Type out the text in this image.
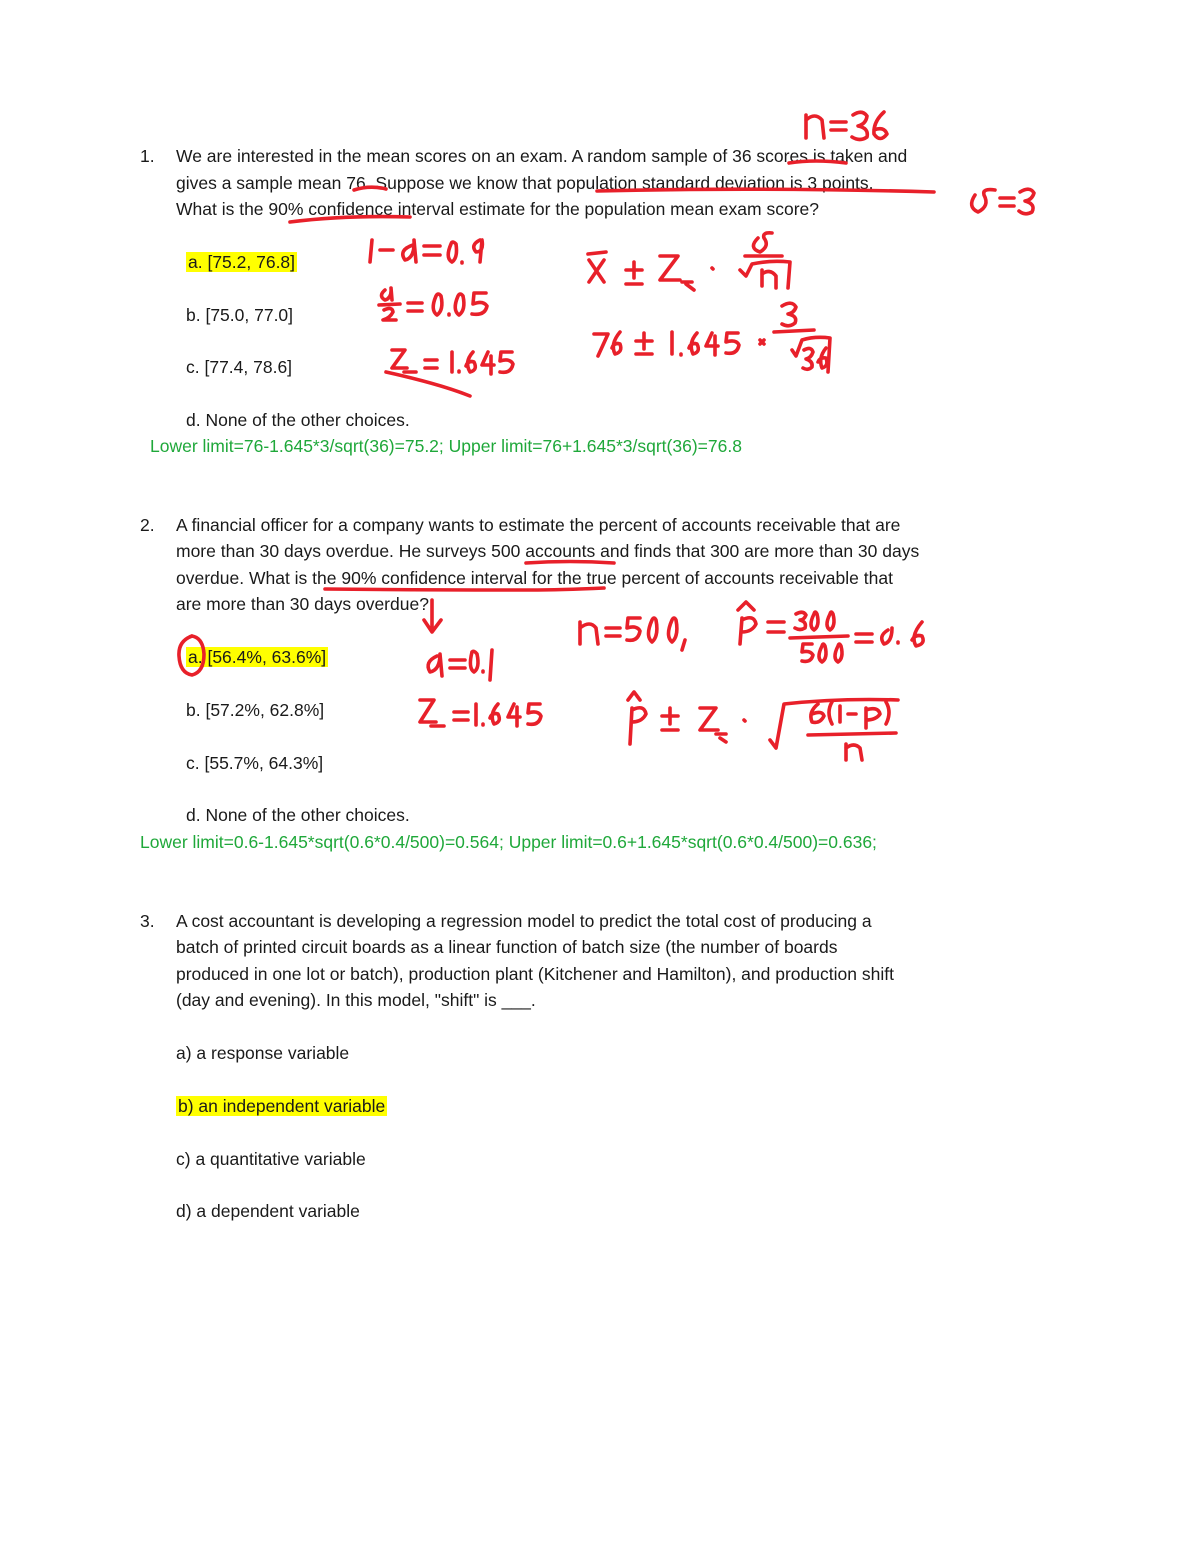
1. We are interested in the mean scores on an exam. A random sample of 36 scores is taken and
gives a sample mean 76. Suppose we know that population standard deviation is 3 points.
What is the 90% confidence interval estimate for the population mean exam score?
a. [75.2, 76.8]
b. [75.0, 77.0]
c. [77.4, 78.6]
d. None of the other choices.
Lower limit=76-1.645*3/sqrt(36)=75.2; Upper limit=76+1.645*3/sqrt(36)=76.8
2. A financial officer for a company wants to estimate the percent of accounts receivable that are
more than 30 days overdue. He surveys 500 accounts and finds that 300 are more than 30 days
overdue. What is the 90% confidence interval for the true percent of accounts receivable that
are more than 30 days overdue?
a. [56.4%, 63.6%]
b. [57.2%, 62.8%]
c. [55.7%, 64.3%]
d. None of the other choices.
Lower limit=0.6-1.645*sqrt(0.6*0.4/500)=0.564; Upper limit=0.6+1.645*sqrt(0.6*0.4/500)=0.636;
3. A cost accountant is developing a regression model to predict the total cost of producing a
batch of printed circuit boards as a linear function of batch size (the number of boards
produced in one lot or batch), production plant (Kitchener and Hamilton), and production shift
(day and evening). In this model, "shift" is ___.
a) a response variable
b) an independent variable
c) a quantitative variable
d) a dependent variable
